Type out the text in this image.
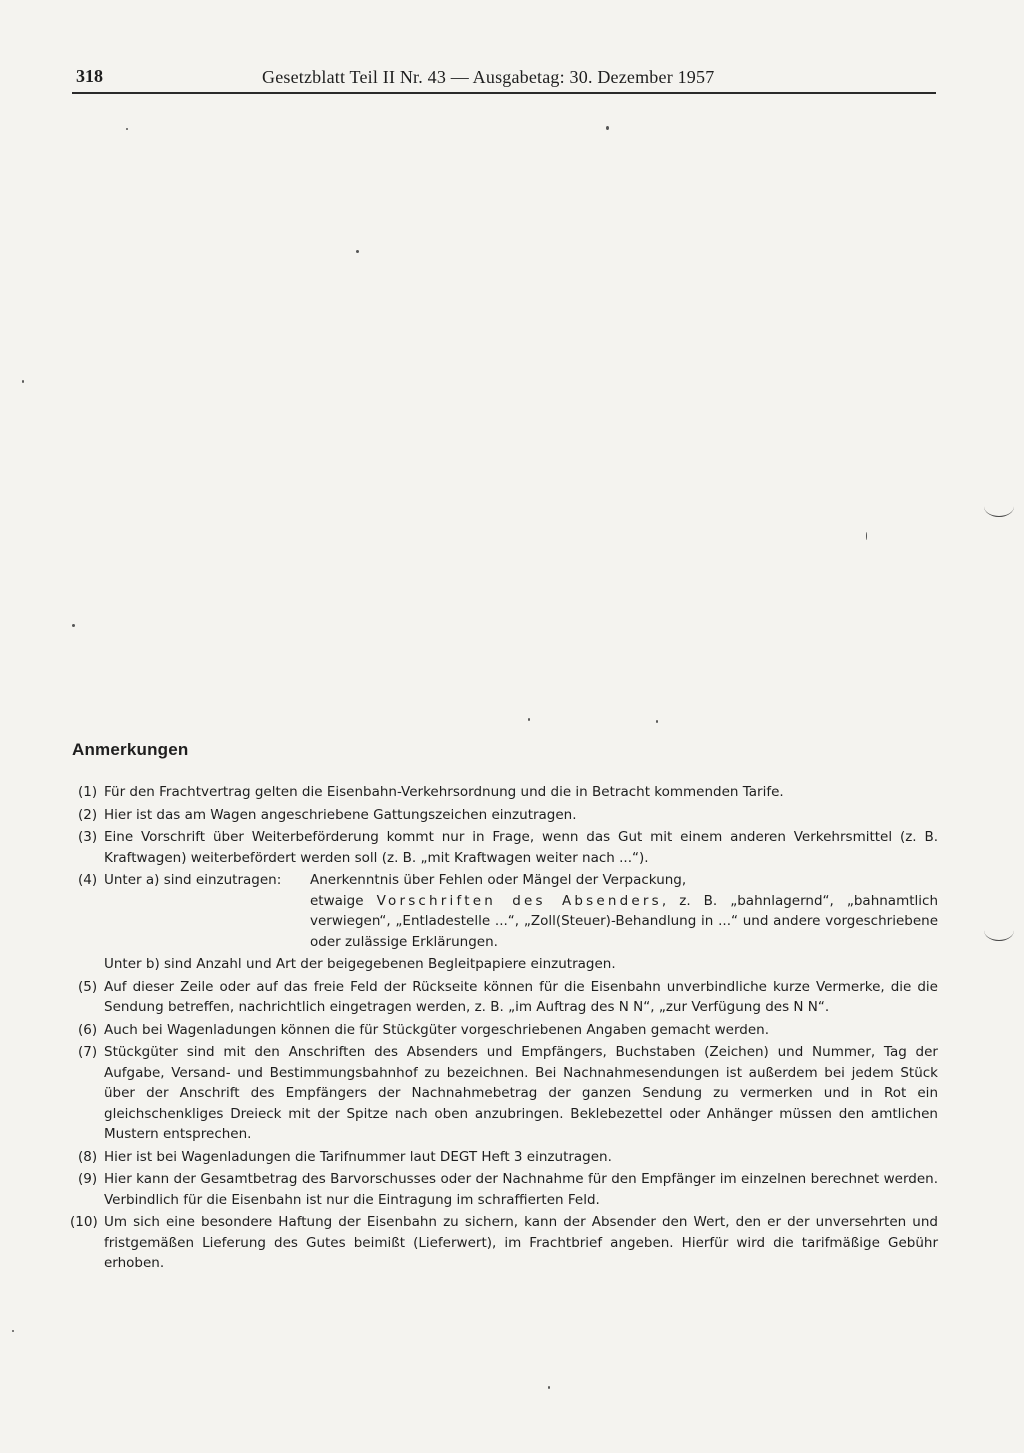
318	Gesetzblatt Teil II Nr. 43 — Ausgabetag: 30. Dezember 1957
Anmerkungen
(1) Für den Frachtvertrag gelten die Eisenbahn-Verkehrsordnung und die in Betracht kommenden Tarife.
(2) Hier ist das am Wagen angeschriebene Gattungszeichen einzutragen.
(3) Eine Vorschrift über Weiterbeförderung kommt nur in Frage, wenn das Gut mit einem anderen Verkehrsmittel (z. B. Kraftwagen) weiterbefördert werden soll (z. B. „mit Kraftwagen weiter nach ...“).
(4) Unter a) sind einzutragen: Anerkenntnis über Fehlen oder Mängel der Verpackung,
etwaige Vorschriften des Absenders, z. B. „bahnlagernd“, „bahnamtlich verwiegen“, „Entladestelle ...“, „Zoll(Steuer)-Behandlung in ...“ und andere vorgeschriebene oder zulässige Erklärungen.
Unter b) sind Anzahl und Art der beigegebenen Begleitpapiere einzutragen.
(5) Auf dieser Zeile oder auf das freie Feld der Rückseite können für die Eisenbahn unverbindliche kurze Vermerke, die die Sendung betreffen, nachrichtlich eingetragen werden, z. B. „im Auftrag des N N“, „zur Verfügung des N N“.
(6) Auch bei Wagenladungen können die für Stückgüter vorgeschriebenen Angaben gemacht werden.
(7) Stückgüter sind mit den Anschriften des Absenders und Empfängers, Buchstaben (Zeichen) und Nummer, Tag der Aufgabe, Versand- und Bestimmungsbahnhof zu bezeichnen. Bei Nachnahmesendungen ist außerdem bei jedem Stück über der Anschrift des Empfängers der Nachnahmebetrag der ganzen Sendung zu vermerken und in Rot ein gleichschenkliges Dreieck mit der Spitze nach oben anzubringen. Beklebezettel oder Anhänger müssen den amtlichen Mustern entsprechen.
(8) Hier ist bei Wagenladungen die Tarifnummer laut DEGT Heft 3 einzutragen.
(9) Hier kann der Gesamtbetrag des Barvorschusses oder der Nachnahme für den Empfänger im einzelnen berechnet werden. Verbindlich für die Eisenbahn ist nur die Eintragung im schraffierten Feld.
(10) Um sich eine besondere Haftung der Eisenbahn zu sichern, kann der Absender den Wert, den er der unversehrten und fristgemäßen Lieferung des Gutes beimißt (Lieferwert), im Frachtbrief angeben. Hierfür wird die tarifmäßige Gebühr erhoben.
